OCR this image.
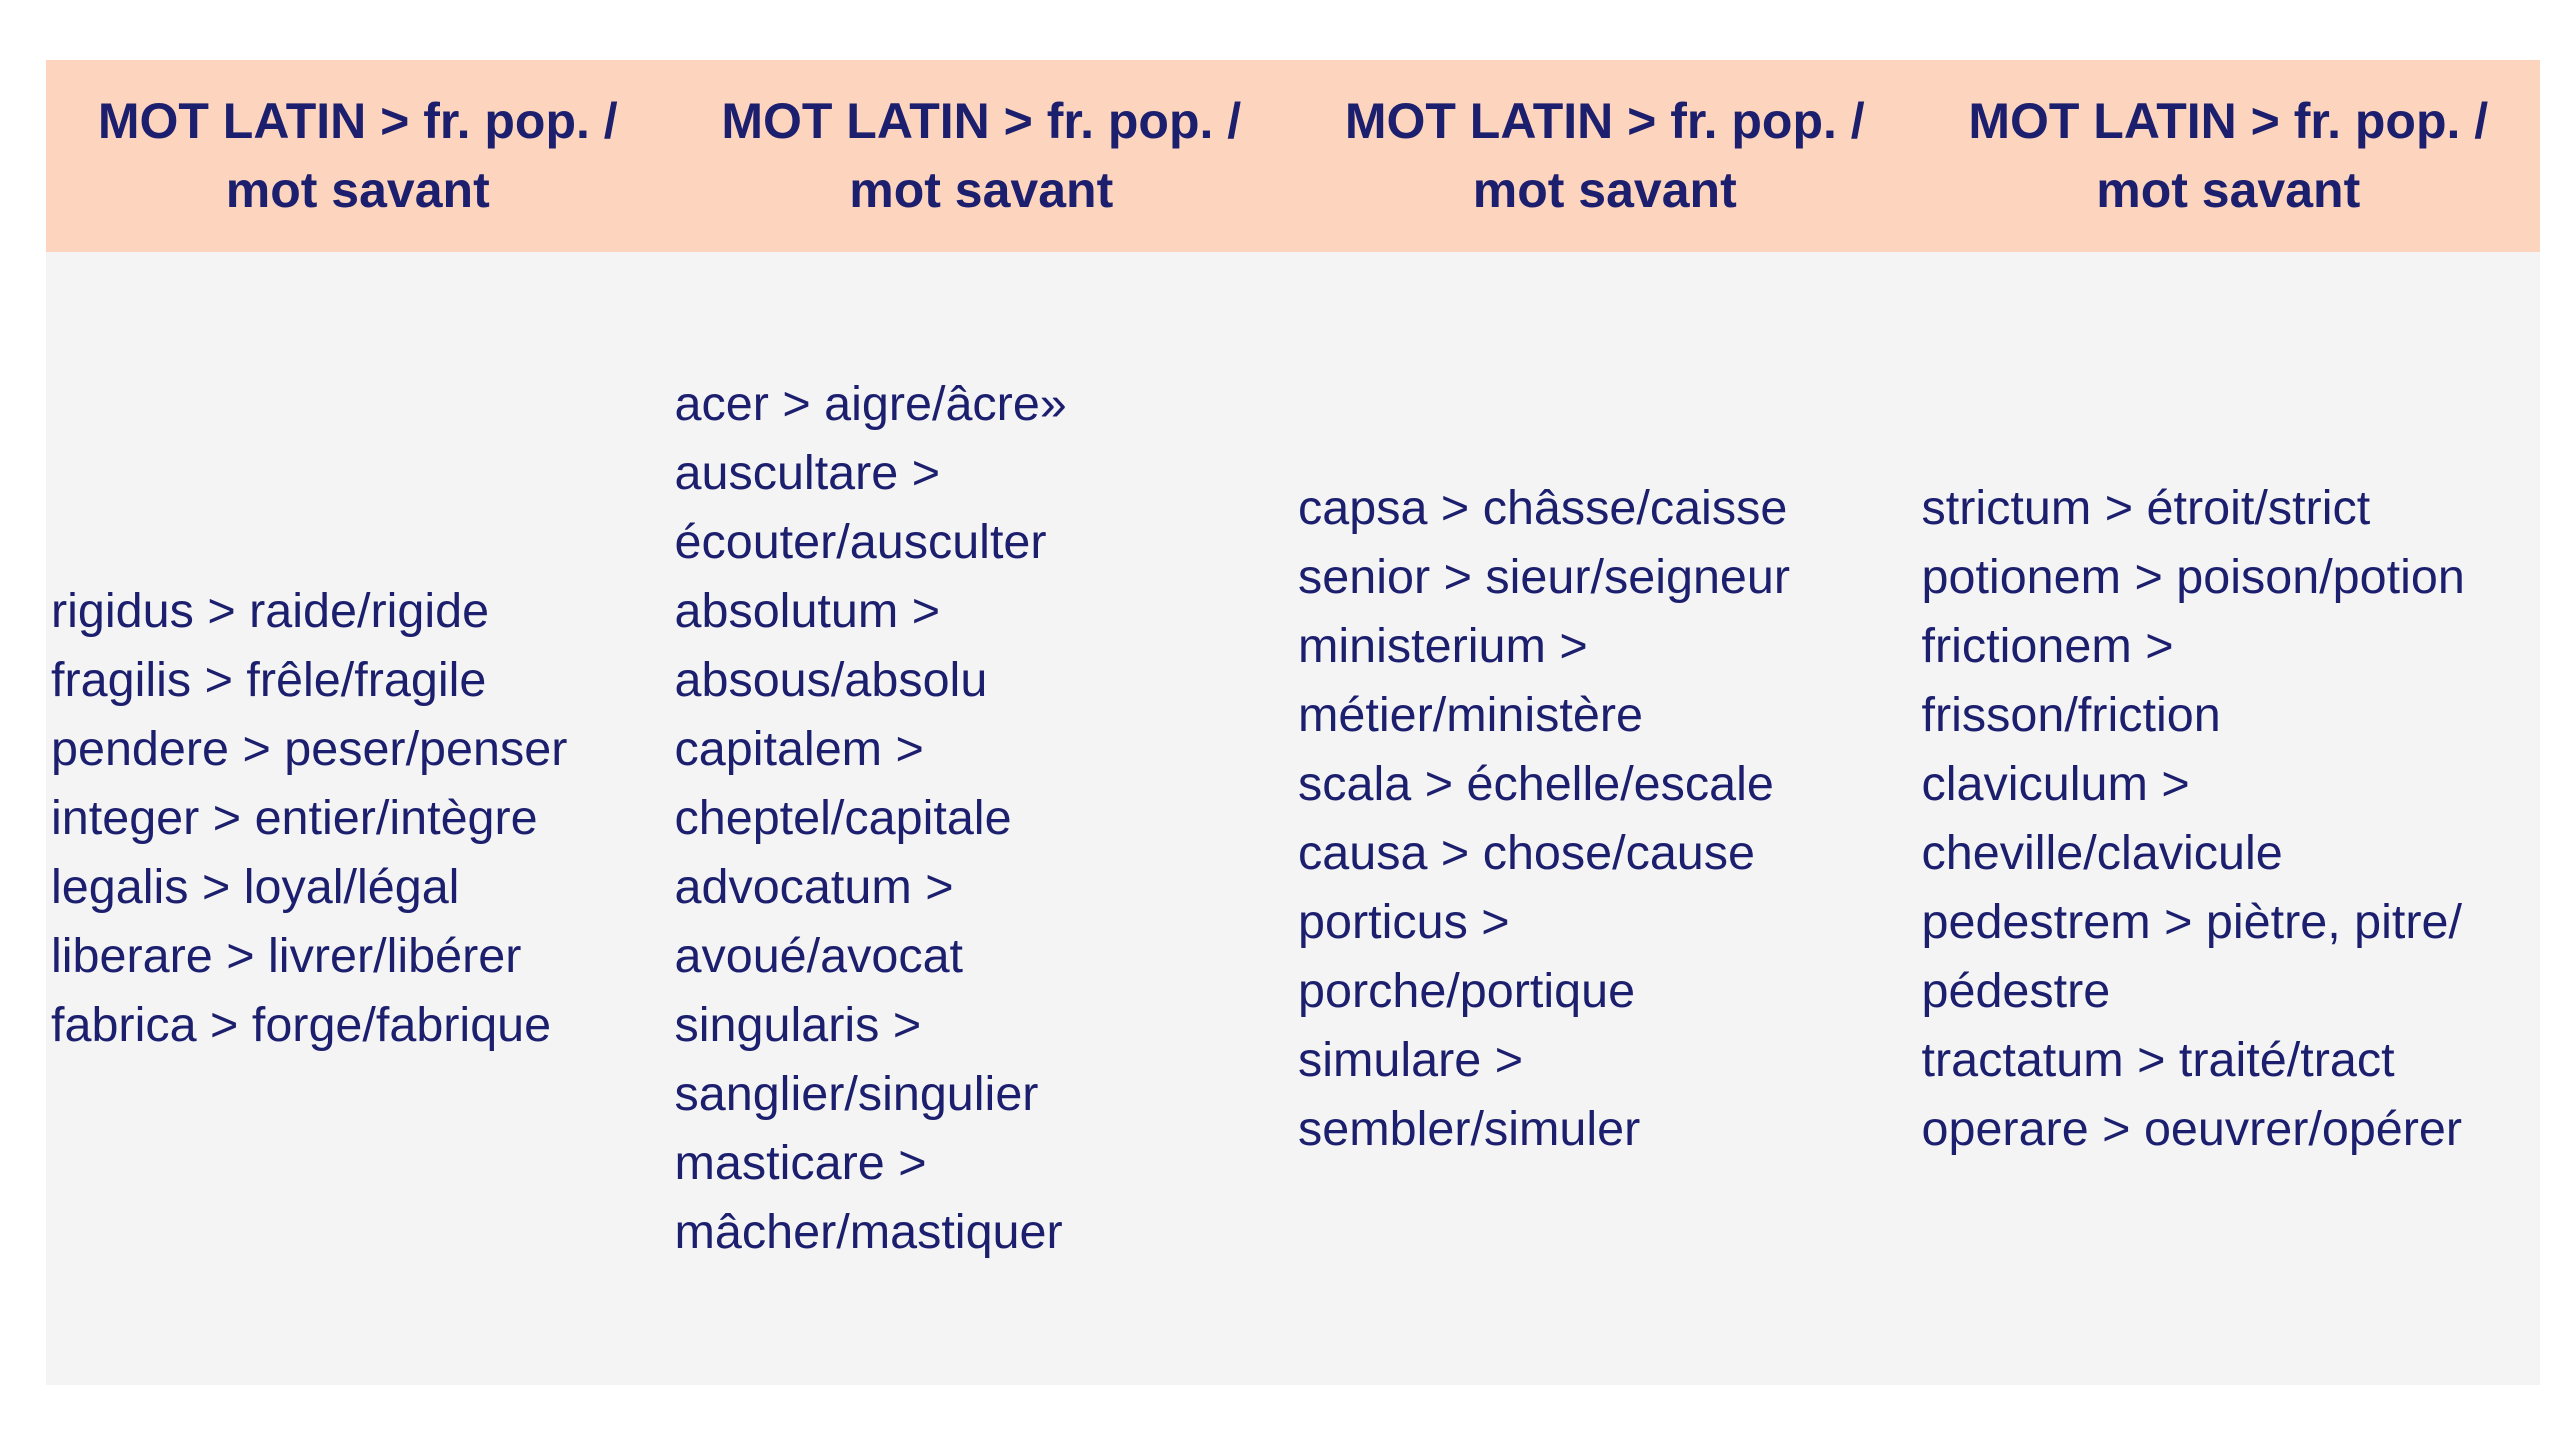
MOT LATIN > fr. pop. /
mot savant
MOT LATIN > fr. pop. /
mot savant
MOT LATIN > fr. pop. /
mot savant
MOT LATIN > fr. pop. /
mot savant
rigidus > raide/rigide
fragilis > frêle/fragile
pendere > peser/penser
integer > entier/intègre
legalis > loyal/légal
liberare > livrer/libérer
fabrica > forge/fabrique
acer > aigre/âcre»
auscultare >
écouter/ausculter
absolutum >
absous/absolu
capitalem >
cheptel/capitale
advocatum >
avoué/avocat
singularis >
sanglier/singulier
masticare >
mâcher/mastiquer
capsa > châsse/caisse
senior > sieur/seigneur
ministerium >
métier/ministère
scala > échelle/escale
causa > chose/cause
porticus >
porche/portique
simulare >
sembler/simuler
strictum > étroit/strict
potionem > poison/potion
frictionem >
frisson/friction
claviculum >
cheville/clavicule
pedestrem > piètre, pitre/
pédestre
tractatum > traité/tract
operare > oeuvrer/opérer
